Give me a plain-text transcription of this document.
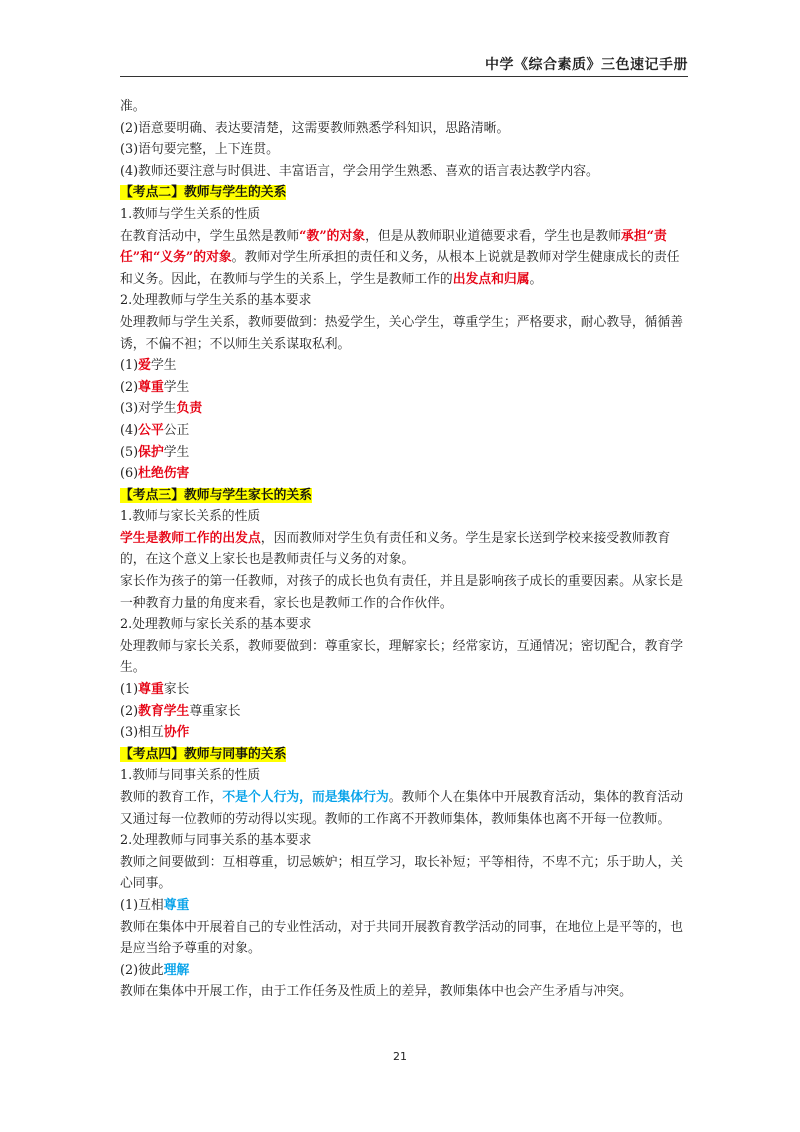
中学《综合素质》三色速记手册

准。

(2)语意要明确、表达要清楚，这需要教师熟悉学科知识，思路清晰。

(3)语句要完整，上下连贯。

(4)教师还要注意与时俱进、丰富语言，学会用学生熟悉、喜欢的语言表达教学内容。

【考点二】教师与学生的关系

1.教师与学生关系的性质

在教育活动中，学生虽然是教师“教”的对象，但是从教师职业道德要求看，学生也是教师承担“责任”和“义务”的对象。教师对学生所承担的责任和义务，从根本上说就是教师对学生健康成长的责任和义务。因此，在教师与学生的关系上，学生是教师工作的出发点和归属。

2.处理教师与学生关系的基本要求

处理教师与学生关系，教师要做到：热爱学生，关心学生，尊重学生；严格要求，耐心教导，循循善诱，不偏不袒；不以师生关系谋取私利。

(1)爱学生

(2)尊重学生

(3)对学生负责

(4)公平公正

(5)保护学生

(6)杜绝伤害

【考点三】教师与学生家长的关系

1.教师与家长关系的性质

学生是教师工作的出发点，因而教师对学生负有责任和义务。学生是家长送到学校来接受教师教育的，在这个意义上家长也是教师责任与义务的对象。

家长作为孩子的第一任教师，对孩子的成长也负有责任，并且是影响孩子成长的重要因素。从家长是一种教育力量的角度来看，家长也是教师工作的合作伙伴。

2.处理教师与家长关系的基本要求

处理教师与家长关系，教师要做到：尊重家长，理解家长；经常家访，互通情况；密切配合，教育学生。

(1)尊重家长

(2)教育学生尊重家长

(3)相互协作

【考点四】教师与同事的关系

1.教师与同事关系的性质

教师的教育工作，不是个人行为，而是集体行为。教师个人在集体中开展教育活动，集体的教育活动又通过每一位教师的劳动得以实现。教师的工作离不开教师集体，教师集体也离不开每一位教师。

2.处理教师与同事关系的基本要求

教师之间要做到：互相尊重，切忌嫉妒；相互学习，取长补短；平等相待，不卑不亢；乐于助人，关心同事。

(1)互相尊重

教师在集体中开展着自己的专业性活动，对于共同开展教育教学活动的同事，在地位上是平等的，也是应当给予尊重的对象。

(2)彼此理解

教师在集体中开展工作，由于工作任务及性质上的差异，教师集体中也会产生矛盾与冲突。

21
